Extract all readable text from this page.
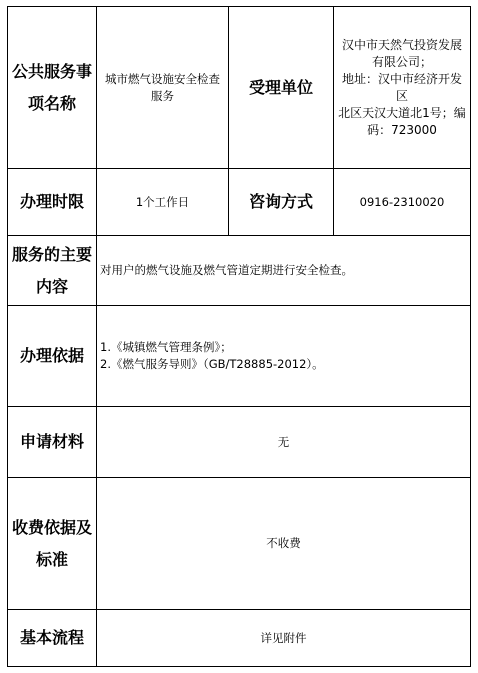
公共服务事项名称	城市燃气设施安全检查服务	受理单位	汉中市天然气投资发展
有限公司；
地址：汉中市经济开发区
北区天汉大道北1号；编
码：723000

办理时限	1个工作日	咨询方式	0916-2310020
服务的主要内容	对用户的燃气设施及燃气管道定期进行安全检查。		
办理依据	1.《城镇燃气管理条例》；
2.《燃气服务导则》（GB/T28885-2012）。		

申请材料	无		
收费依据及标准	不收费		
基本流程	详见附件		
